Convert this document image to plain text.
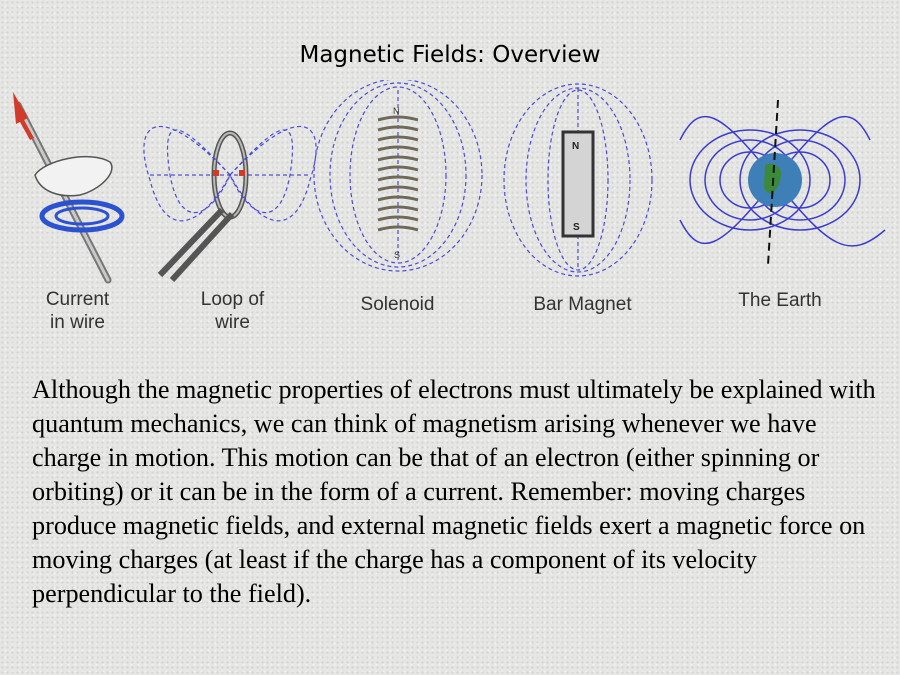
Magnetic Fields: Overview
N
S
N
S
Current
in wire
Loop of
wire
Solenoid	Bar Magnet	The Earth
Although the magnetic properties of electrons must ultimately be explained with quantum mechanics, we can think of magnetism arising whenever we have charge in motion. This motion can be that of an electron (either spinning or orbiting) or it can be in the form of a current. Remember: moving charges produce magnetic fields, and external magnetic fields exert a magnetic force on moving charges (at least if the charge has a component of its velocity perpendicular to the field).
